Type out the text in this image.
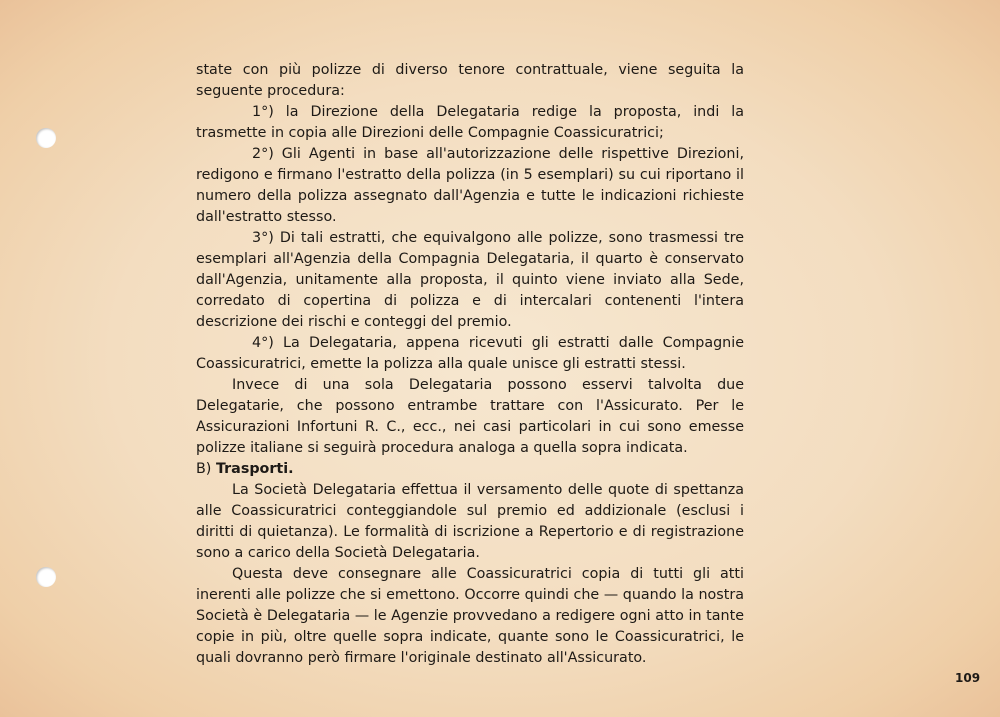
state con più polizze di diverso tenore contrattuale, viene seguita la seguente procedura:

1°) la Direzione della Delegataria redige la proposta, indi la trasmette in copia alle Direzioni delle Compagnie Coassicuratrici;

2°) Gli Agenti in base all'autorizzazione delle rispettive Direzioni, redigono e firmano l'estratto della polizza (in 5 esemplari) su cui riportano il numero della polizza assegnato dall'Agenzia e tutte le indicazioni richieste dall'estratto stesso.

3°) Di tali estratti, che equivalgono alle polizze, sono trasmessi tre esemplari all'Agenzia della Compagnia Delegataria, il quarto è conservato dall'Agenzia, unitamente alla proposta, il quinto viene inviato alla Sede, corredato di copertina di polizza e di intercalari contenenti l'intera descrizione dei rischi e conteggi del premio.

4°) La Delegataria, appena ricevuti gli estratti dalle Compagnie Coassicuratrici, emette la polizza alla quale unisce gli estratti stessi.

Invece di una sola Delegataria possono esservi talvolta due Delegatarie, che possono entrambe trattare con l'Assicurato. Per le Assicurazioni Infortuni R. C., ecc., nei casi particolari in cui sono emesse polizze italiane si seguirà procedura analoga a quella sopra indicata.

B) Trasporti.

La Società Delegataria effettua il versamento delle quote di spettanza alle Coassicuratrici conteggiandole sul premio ed addizionale (esclusi i diritti di quietanza). Le formalità di iscrizione a Repertorio e di registrazione sono a carico della Società Delegataria.

Questa deve consegnare alle Coassicuratrici copia di tutti gli atti inerenti alle polizze che si emettono. Occorre quindi che — quando la nostra Società è Delegataria — le Agenzie provvedano a redigere ogni atto in tante copie in più, oltre quelle sopra indicate, quante sono le Coassicuratrici, le quali dovranno però firmare l'originale destinato all'Assicurato.

109
